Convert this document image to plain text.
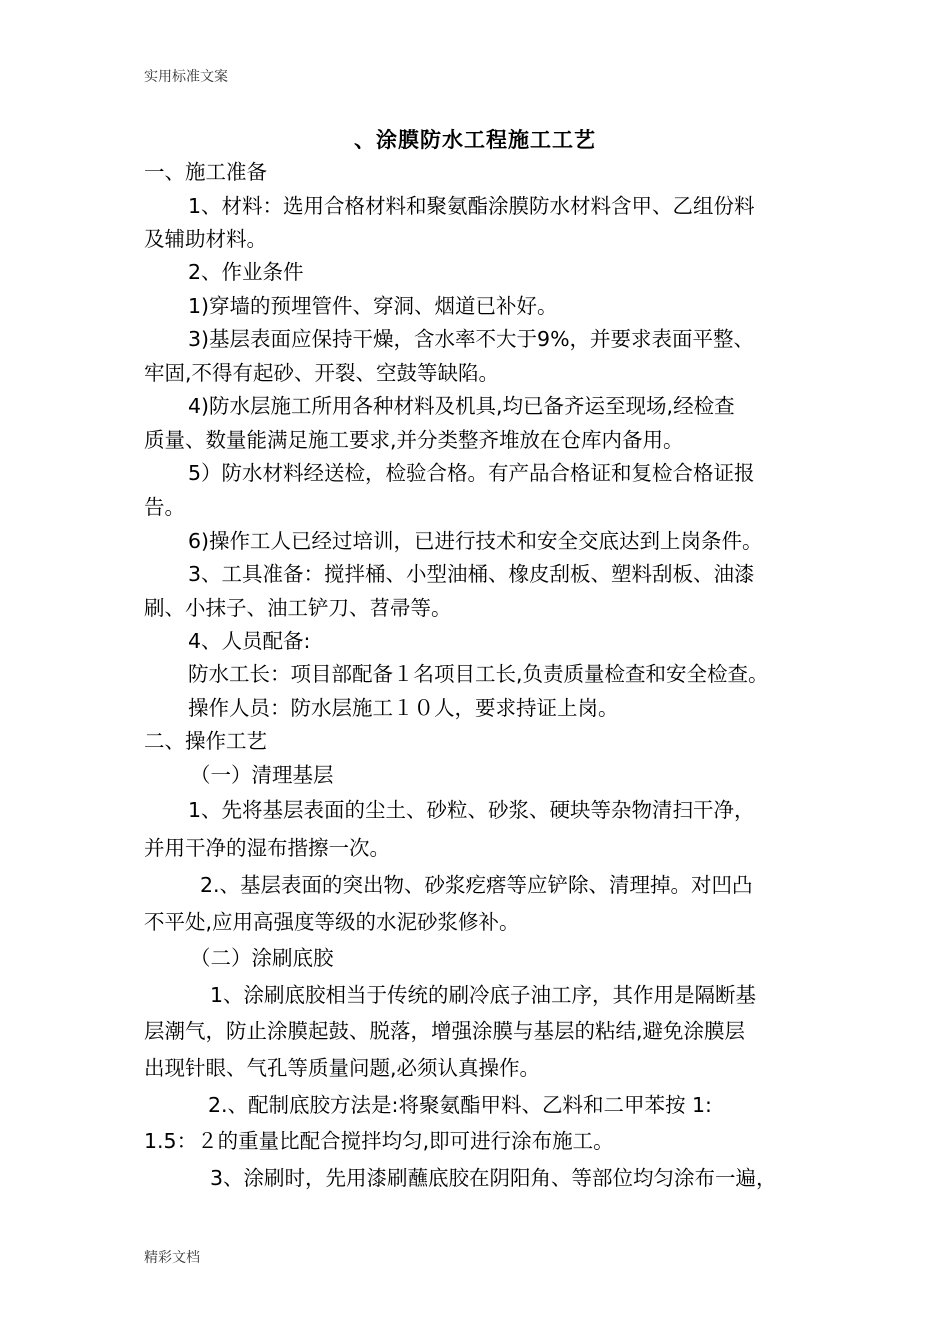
实用标准文案
、涂膜防水工程施工工艺
一、施工准备
1、材料：选用合格材料和聚氨酯涂膜防水材料含甲、乙组份料
及辅助材料。
2、作业条件
1)穿墙的预埋管件、穿洞、烟道已补好。
3)基层表面应保持干燥，含水率不大于9%，并要求表面平整、
牢固,不得有起砂、开裂、空鼓等缺陷。
4)防水层施工所用各种材料及机具,均已备齐运至现场,经检查
质量、数量能满足施工要求,并分类整齐堆放在仓库内备用。
5）防水材料经送检，检验合格。有产品合格证和复检合格证报
告。
6)操作工人已经过培训，已进行技术和安全交底达到上岗条件。
3、工具准备：搅拌桶、小型油桶、橡皮刮板、塑料刮板、油漆
刷、小抹子、油工铲刀、苕帚等。
4、人员配备:
防水工长：项目部配备１名项目工长,负责质量检查和安全检查。
操作人员：防水层施工１０人，要求持证上岗。
二、操作工艺
（一）清理基层
1、先将基层表面的尘土、砂粒、砂浆、硬块等杂物清扫干净，
并用干净的湿布揩擦一次。
2.、基层表面的突出物、砂浆疙瘩等应铲除、清理掉。对凹凸
不平处,应用高强度等级的水泥砂浆修补。
（二）涂刷底胶
1、涂刷底胶相当于传统的刷冷底子油工序，其作用是隔断基
层潮气，防止涂膜起鼓、脱落，增强涂膜与基层的粘结,避免涂膜层
出现针眼、气孔等质量问题,必须认真操作。
2.、配制底胶方法是:将聚氨酯甲料、乙料和二甲苯按 1:
1.5：２的重量比配合搅拌均匀,即可进行涂布施工。
3、涂刷时，先用漆刷蘸底胶在阴阳角、等部位均匀涂布一遍，
精彩文档
